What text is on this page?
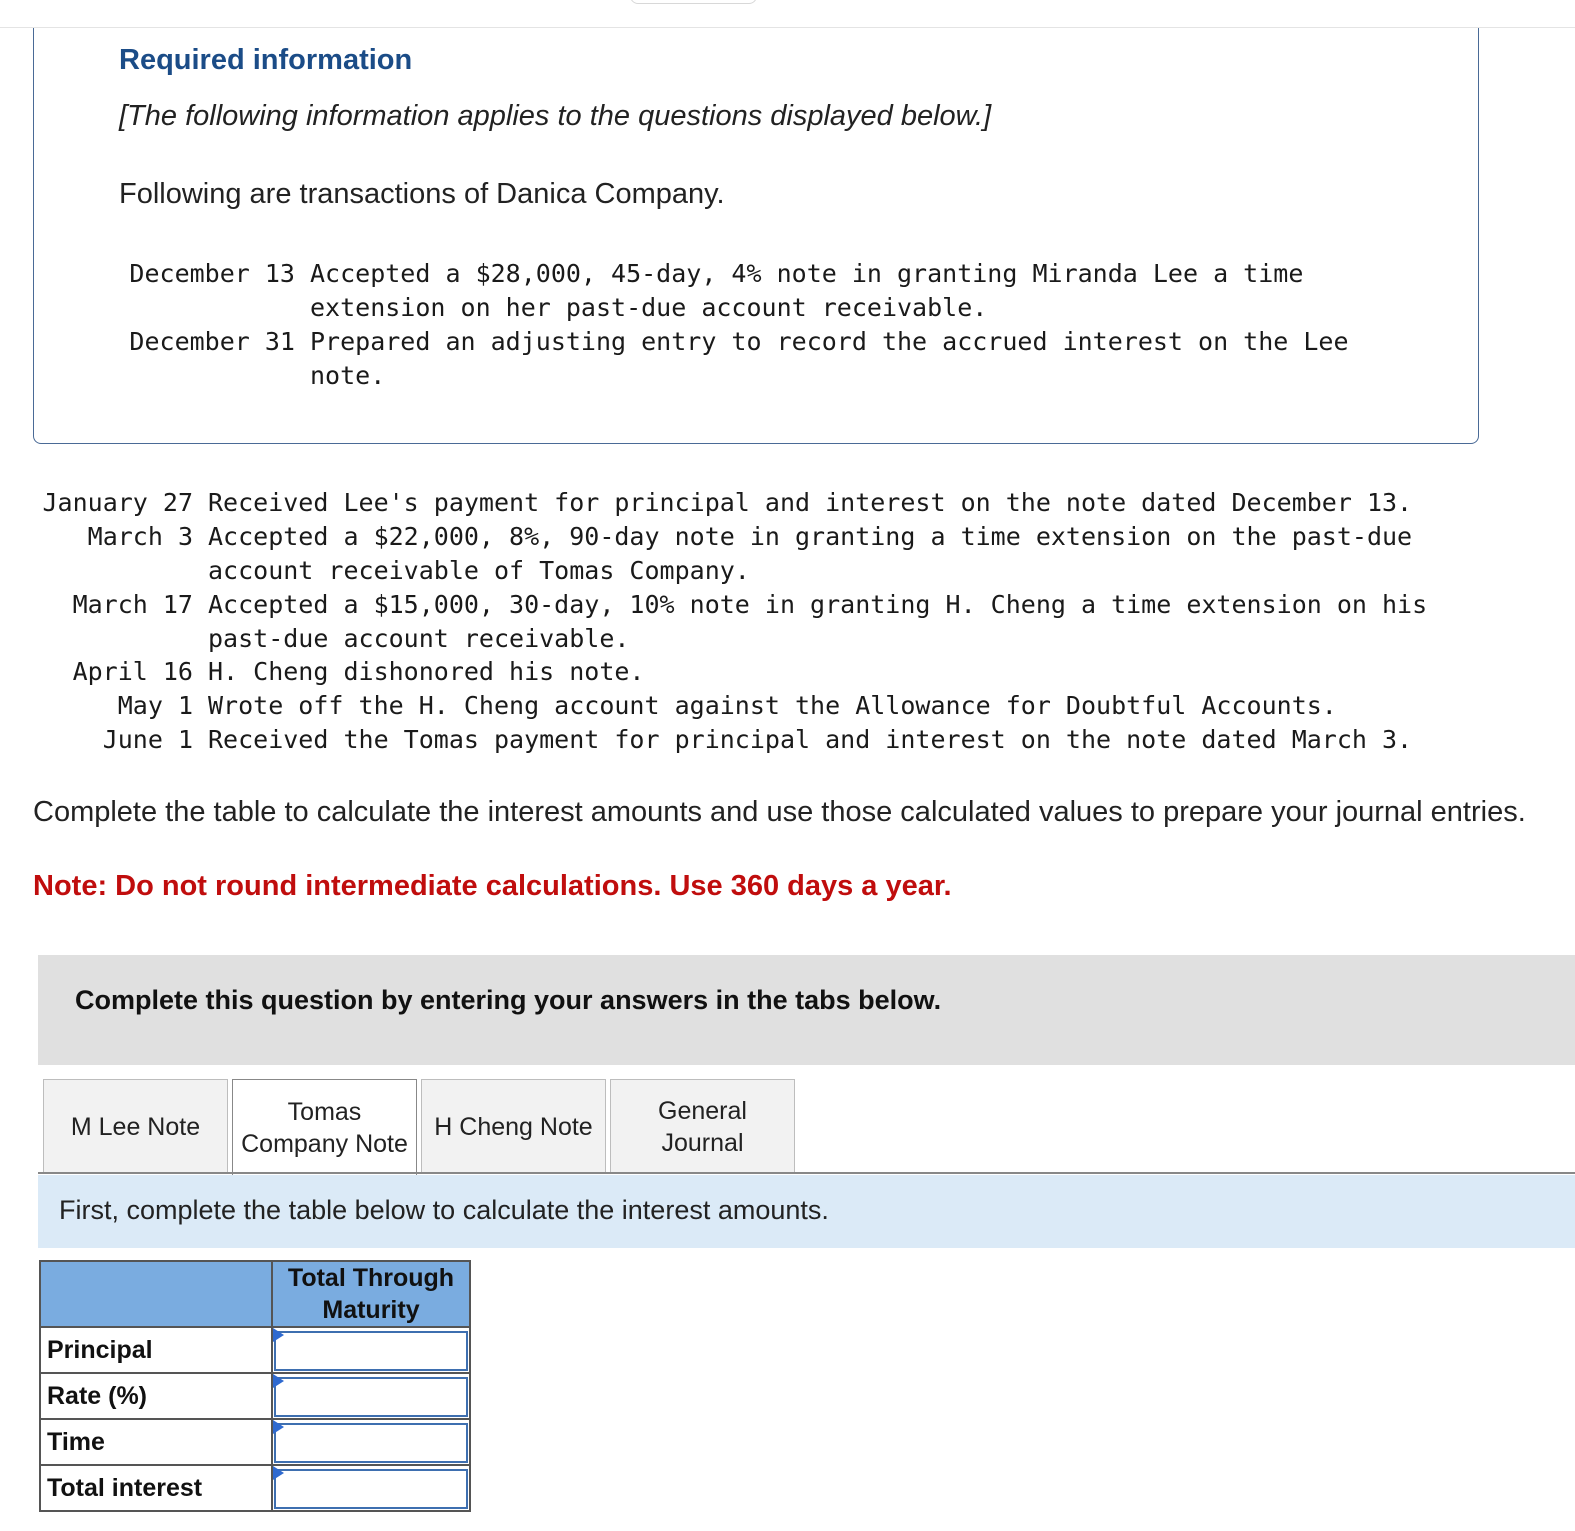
Required information

[The following information applies to the questions displayed below.]

Following are transactions of Danica Company.

December 13 Accepted a $28,000, 45-day, 4% note in granting Miranda Lee a time extension on her past-due account receivable.
December 31 Prepared an adjusting entry to record the accrued interest on the Lee note.
January 27 Received Lee's payment for principal and interest on the note dated December 13.
March 3 Accepted a $22,000, 8%, 90-day note in granting a time extension on the past-due account receivable of Tomas Company.
March 17 Accepted a $15,000, 30-day, 10% note in granting H. Cheng a time extension on his past-due account receivable.
April 16 H. Cheng dishonored his note.
May 1 Wrote off the H. Cheng account against the Allowance for Doubtful Accounts.
June 1 Received the Tomas payment for principal and interest on the note dated March 3.

Complete the table to calculate the interest amounts and use those calculated values to prepare your journal entries.

Note: Do not round intermediate calculations. Use 360 days a year.

Complete this question by entering your answers in the tabs below.

M Lee Note
Tomas Company Note
H Cheng Note
General Journal

First, complete the table below to calculate the interest amounts.

	Total Through Maturity
Principal	

Rate (%)	

Time	

Total interest	
